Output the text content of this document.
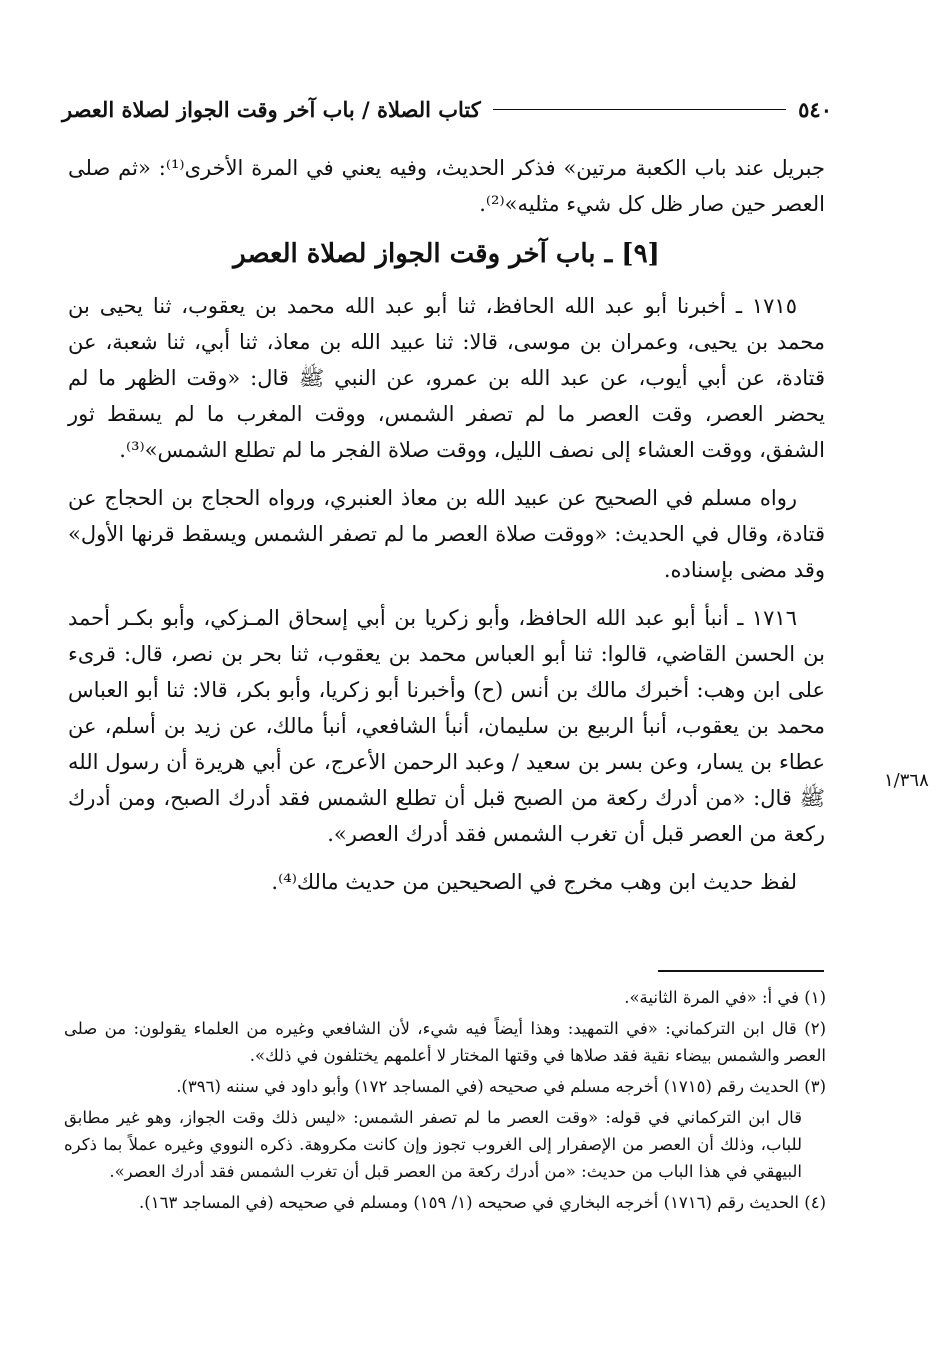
٥٤٠
كتاب الصلاة / باب آخر وقت الجواز لصلاة العصر

جبريل عند باب الكعبة مرتين» فذكر الحديث، وفيه يعني في المرة الأخرى⁽¹⁾: «ثم صلى العصر حين صار ظل كل شيء مثليه»⁽²⁾.

[٩] ـ باب آخر وقت الجواز لصلاة العصر

١٧١٥ ـ أخبرنا أبو عبد الله الحافظ، ثنا أبو عبد الله محمد بن يعقوب، ثنا يحيى بن محمد بن يحيى، وعمران بن موسى، قالا: ثنا عبيد الله بن معاذ، ثنا أبي، ثنا شعبة، عن قتادة، عن أبي أيوب، عن عبد الله بن عمرو، عن النبي ﷺ قال: «وقت الظهر ما لم يحضر العصر، وقت العصر ما لم تصفر الشمس، ووقت المغرب ما لم يسقط ثور الشفق، ووقت العشاء إلى نصف الليل، ووقت صلاة الفجر ما لم تطلع الشمس»⁽³⁾.

رواه مسلم في الصحيح عن عبيد الله بن معاذ العنبري، ورواه الحجاج بن الحجاج عن قتادة، وقال في الحديث: «ووقت صلاة العصر ما لم تصفر الشمس ويسقط قرنها الأول» وقد مضى بإسناده.

١٧١٦ ـ أنبأ أبو عبد الله الحافظ، وأبو زكريا بن أبي إسحاق المـزكي، وأبو بكـر أحمد بن الحسن القاضي، قالوا: ثنا أبو العباس محمد بن يعقوب، ثنا بحر بن نصر، قال: قرىء على ابن وهب: أخبرك مالك بن أنس (ح) وأخبرنا أبو زكريا، وأبو بكر، قالا: ثنا أبو العباس محمد بن يعقوب، أنبأ الربيع بن سليمان، أنبأ الشافعي، أنبأ مالك، عن زيد بن أسلم، عن عطاء بن يسار، وعن بسر بن سعيد / وعبد الرحمن الأعرج، عن أبي هريرة أن رسول الله ﷺ قال: «من أدرك ركعة من الصبح قبل أن تطلع الشمس فقد أدرك الصبح، ومن أدرك ركعة من العصر قبل أن تغرب الشمس فقد أدرك العصر».

لفظ حديث ابن وهب مخرج في الصحيحين من حديث مالك⁽⁴⁾.

١/٣٦٨

(١) في أ: «في المرة الثانية».

(٢) قال ابن التركماني: «في التمهيد: وهذا أيضاً فيه شيء، لأن الشافعي وغيره من العلماء يقولون: من صلى العصر والشمس بيضاء نقية فقد صلاها في وقتها المختار لا أعلمهم يختلفون في ذلك».

(٣) الحديث رقم (١٧١٥) أخرجه مسلم في صحيحه (في المساجد ١٧٢) وأبو داود في سننه (٣٩٦).

قال ابن التركماني في قوله: «وقت العصر ما لم تصفر الشمس: «ليس ذلك وقت الجواز، وهو غير مطابق للباب، وذلك أن العصر من الإصفرار إلى الغروب تجوز وإن كانت مكروهة. ذكره النووي وغيره عملاً بما ذكره البيهقي في هذا الباب من حديث: «من أدرك ركعة من العصر قبل أن تغرب الشمس فقد أدرك العصر».

(٤) الحديث رقم (١٧١٦) أخرجه البخاري في صحيحه (١/ ١٥٩) ومسلم في صحيحه (في المساجد ١٦٣).
